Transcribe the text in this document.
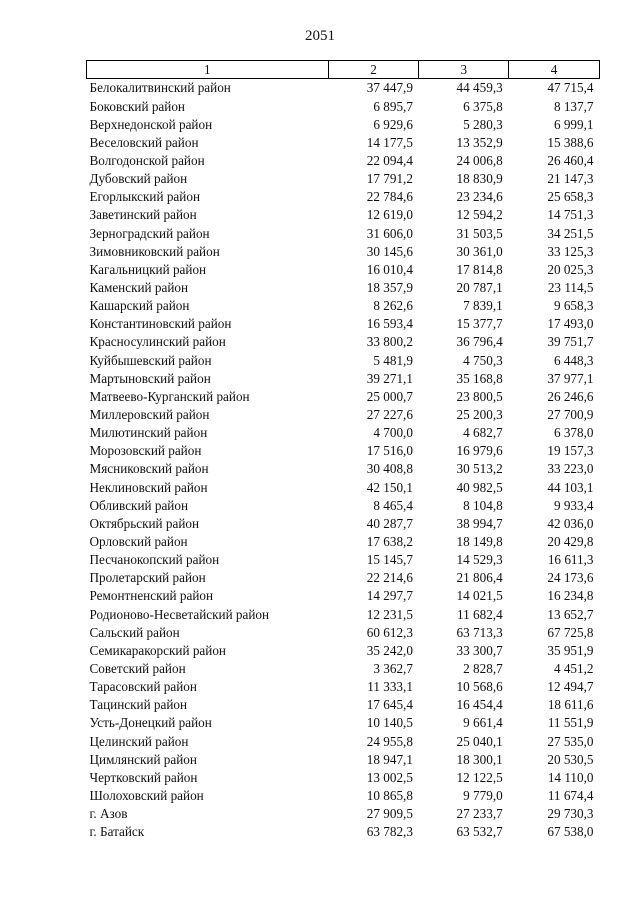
2051
1	2	3	4
Белокалитвинский район	37 447,9	44 459,3	47 715,4
Боковский район	6 895,7	6 375,8	8 137,7
Верхнедонской район	6 929,6	5 280,3	6 999,1
Веселовский район	14 177,5	13 352,9	15 388,6
Волгодонской район	22 094,4	24 006,8	26 460,4
Дубовский район	17 791,2	18 830,9	21 147,3
Егорлыкский район	22 784,6	23 234,6	25 658,3
Заветинский район	12 619,0	12 594,2	14 751,3
Зерноградский район	31 606,0	31 503,5	34 251,5
Зимовниковский район	30 145,6	30 361,0	33 125,3
Кагальницкий район	16 010,4	17 814,8	20 025,3
Каменский район	18 357,9	20 787,1	23 114,5
Кашарский район	8 262,6	7 839,1	9 658,3
Константиновский район	16 593,4	15 377,7	17 493,0
Красносулинский район	33 800,2	36 796,4	39 751,7
Куйбышевский район	5 481,9	4 750,3	6 448,3
Мартыновский район	39 271,1	35 168,8	37 977,1
Матвеево-Курганский район	25 000,7	23 800,5	26 246,6
Миллеровский район	27 227,6	25 200,3	27 700,9
Милютинский район	4 700,0	4 682,7	6 378,0
Морозовский район	17 516,0	16 979,6	19 157,3
Мясниковский район	30 408,8	30 513,2	33 223,0
Неклиновский район	42 150,1	40 982,5	44 103,1
Обливский район	8 465,4	8 104,8	9 933,4
Октябрьский район	40 287,7	38 994,7	42 036,0
Орловский район	17 638,2	18 149,8	20 429,8
Песчанокопский район	15 145,7	14 529,3	16 611,3
Пролетарский район	22 214,6	21 806,4	24 173,6
Ремонтненский район	14 297,7	14 021,5	16 234,8
Родионово-Несветайский район	12 231,5	11 682,4	13 652,7
Сальский район	60 612,3	63 713,3	67 725,8
Семикаракорский район	35 242,0	33 300,7	35 951,9
Советский район	3 362,7	2 828,7	4 451,2
Тарасовский район	11 333,1	10 568,6	12 494,7
Тацинский район	17 645,4	16 454,4	18 611,6
Усть-Донецкий район	10 140,5	9 661,4	11 551,9
Целинский район	24 955,8	25 040,1	27 535,0
Цимлянский район	18 947,1	18 300,1	20 530,5
Чертковский район	13 002,5	12 122,5	14 110,0
Шолоховский район	10 865,8	9 779,0	11 674,4
г. Азов	27 909,5	27 233,7	29 730,3
г. Батайск	63 782,3	63 532,7	67 538,0
